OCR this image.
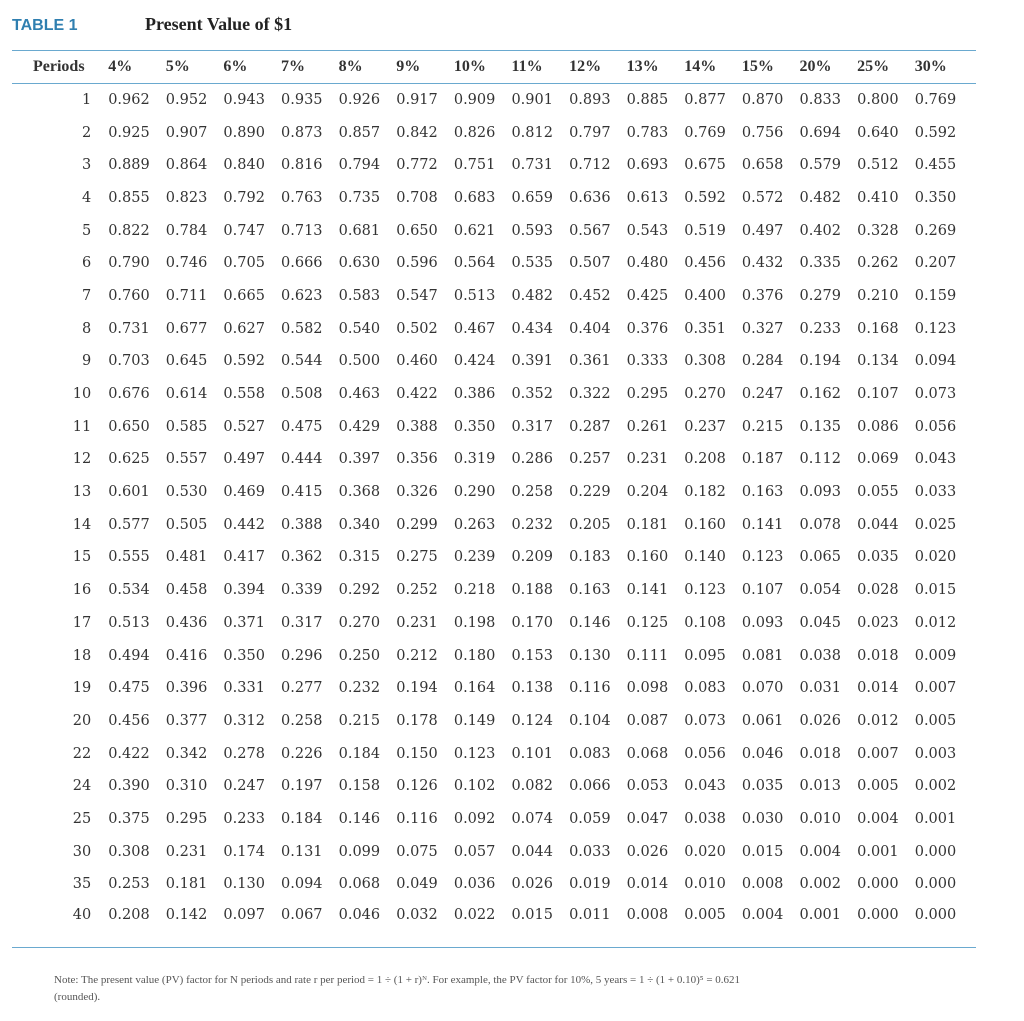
TABLE 1	Present Value of $1
Periods	4%	5%	6%	7%	8%	9%	10%	11%	12%	13%	14%	15%	20%	25%	30%
1	0.962	0.952	0.943	0.935	0.926	0.917	0.909	0.901	0.893	0.885	0.877	0.870	0.833	0.800	0.769
2	0.925	0.907	0.890	0.873	0.857	0.842	0.826	0.812	0.797	0.783	0.769	0.756	0.694	0.640	0.592
3	0.889	0.864	0.840	0.816	0.794	0.772	0.751	0.731	0.712	0.693	0.675	0.658	0.579	0.512	0.455
4	0.855	0.823	0.792	0.763	0.735	0.708	0.683	0.659	0.636	0.613	0.592	0.572	0.482	0.410	0.350
5	0.822	0.784	0.747	0.713	0.681	0.650	0.621	0.593	0.567	0.543	0.519	0.497	0.402	0.328	0.269
6	0.790	0.746	0.705	0.666	0.630	0.596	0.564	0.535	0.507	0.480	0.456	0.432	0.335	0.262	0.207
7	0.760	0.711	0.665	0.623	0.583	0.547	0.513	0.482	0.452	0.425	0.400	0.376	0.279	0.210	0.159
8	0.731	0.677	0.627	0.582	0.540	0.502	0.467	0.434	0.404	0.376	0.351	0.327	0.233	0.168	0.123
9	0.703	0.645	0.592	0.544	0.500	0.460	0.424	0.391	0.361	0.333	0.308	0.284	0.194	0.134	0.094
10	0.676	0.614	0.558	0.508	0.463	0.422	0.386	0.352	0.322	0.295	0.270	0.247	0.162	0.107	0.073
11	0.650	0.585	0.527	0.475	0.429	0.388	0.350	0.317	0.287	0.261	0.237	0.215	0.135	0.086	0.056
12	0.625	0.557	0.497	0.444	0.397	0.356	0.319	0.286	0.257	0.231	0.208	0.187	0.112	0.069	0.043
13	0.601	0.530	0.469	0.415	0.368	0.326	0.290	0.258	0.229	0.204	0.182	0.163	0.093	0.055	0.033
14	0.577	0.505	0.442	0.388	0.340	0.299	0.263	0.232	0.205	0.181	0.160	0.141	0.078	0.044	0.025
15	0.555	0.481	0.417	0.362	0.315	0.275	0.239	0.209	0.183	0.160	0.140	0.123	0.065	0.035	0.020
16	0.534	0.458	0.394	0.339	0.292	0.252	0.218	0.188	0.163	0.141	0.123	0.107	0.054	0.028	0.015
17	0.513	0.436	0.371	0.317	0.270	0.231	0.198	0.170	0.146	0.125	0.108	0.093	0.045	0.023	0.012
18	0.494	0.416	0.350	0.296	0.250	0.212	0.180	0.153	0.130	0.111	0.095	0.081	0.038	0.018	0.009
19	0.475	0.396	0.331	0.277	0.232	0.194	0.164	0.138	0.116	0.098	0.083	0.070	0.031	0.014	0.007
20	0.456	0.377	0.312	0.258	0.215	0.178	0.149	0.124	0.104	0.087	0.073	0.061	0.026	0.012	0.005
22	0.422	0.342	0.278	0.226	0.184	0.150	0.123	0.101	0.083	0.068	0.056	0.046	0.018	0.007	0.003
24	0.390	0.310	0.247	0.197	0.158	0.126	0.102	0.082	0.066	0.053	0.043	0.035	0.013	0.005	0.002
25	0.375	0.295	0.233	0.184	0.146	0.116	0.092	0.074	0.059	0.047	0.038	0.030	0.010	0.004	0.001
30	0.308	0.231	0.174	0.131	0.099	0.075	0.057	0.044	0.033	0.026	0.020	0.015	0.004	0.001	0.000
35	0.253	0.181	0.130	0.094	0.068	0.049	0.036	0.026	0.019	0.014	0.010	0.008	0.002	0.000	0.000
40	0.208	0.142	0.097	0.067	0.046	0.032	0.022	0.015	0.011	0.008	0.005	0.004	0.001	0.000	0.000
Note: The present value (PV) factor for N periods and rate r per period = 1 ÷ (1 + r)ᴺ. For example, the PV factor for 10%, 5 years = 1 ÷ (1 + 0.10)⁵ = 0.621
(rounded).
